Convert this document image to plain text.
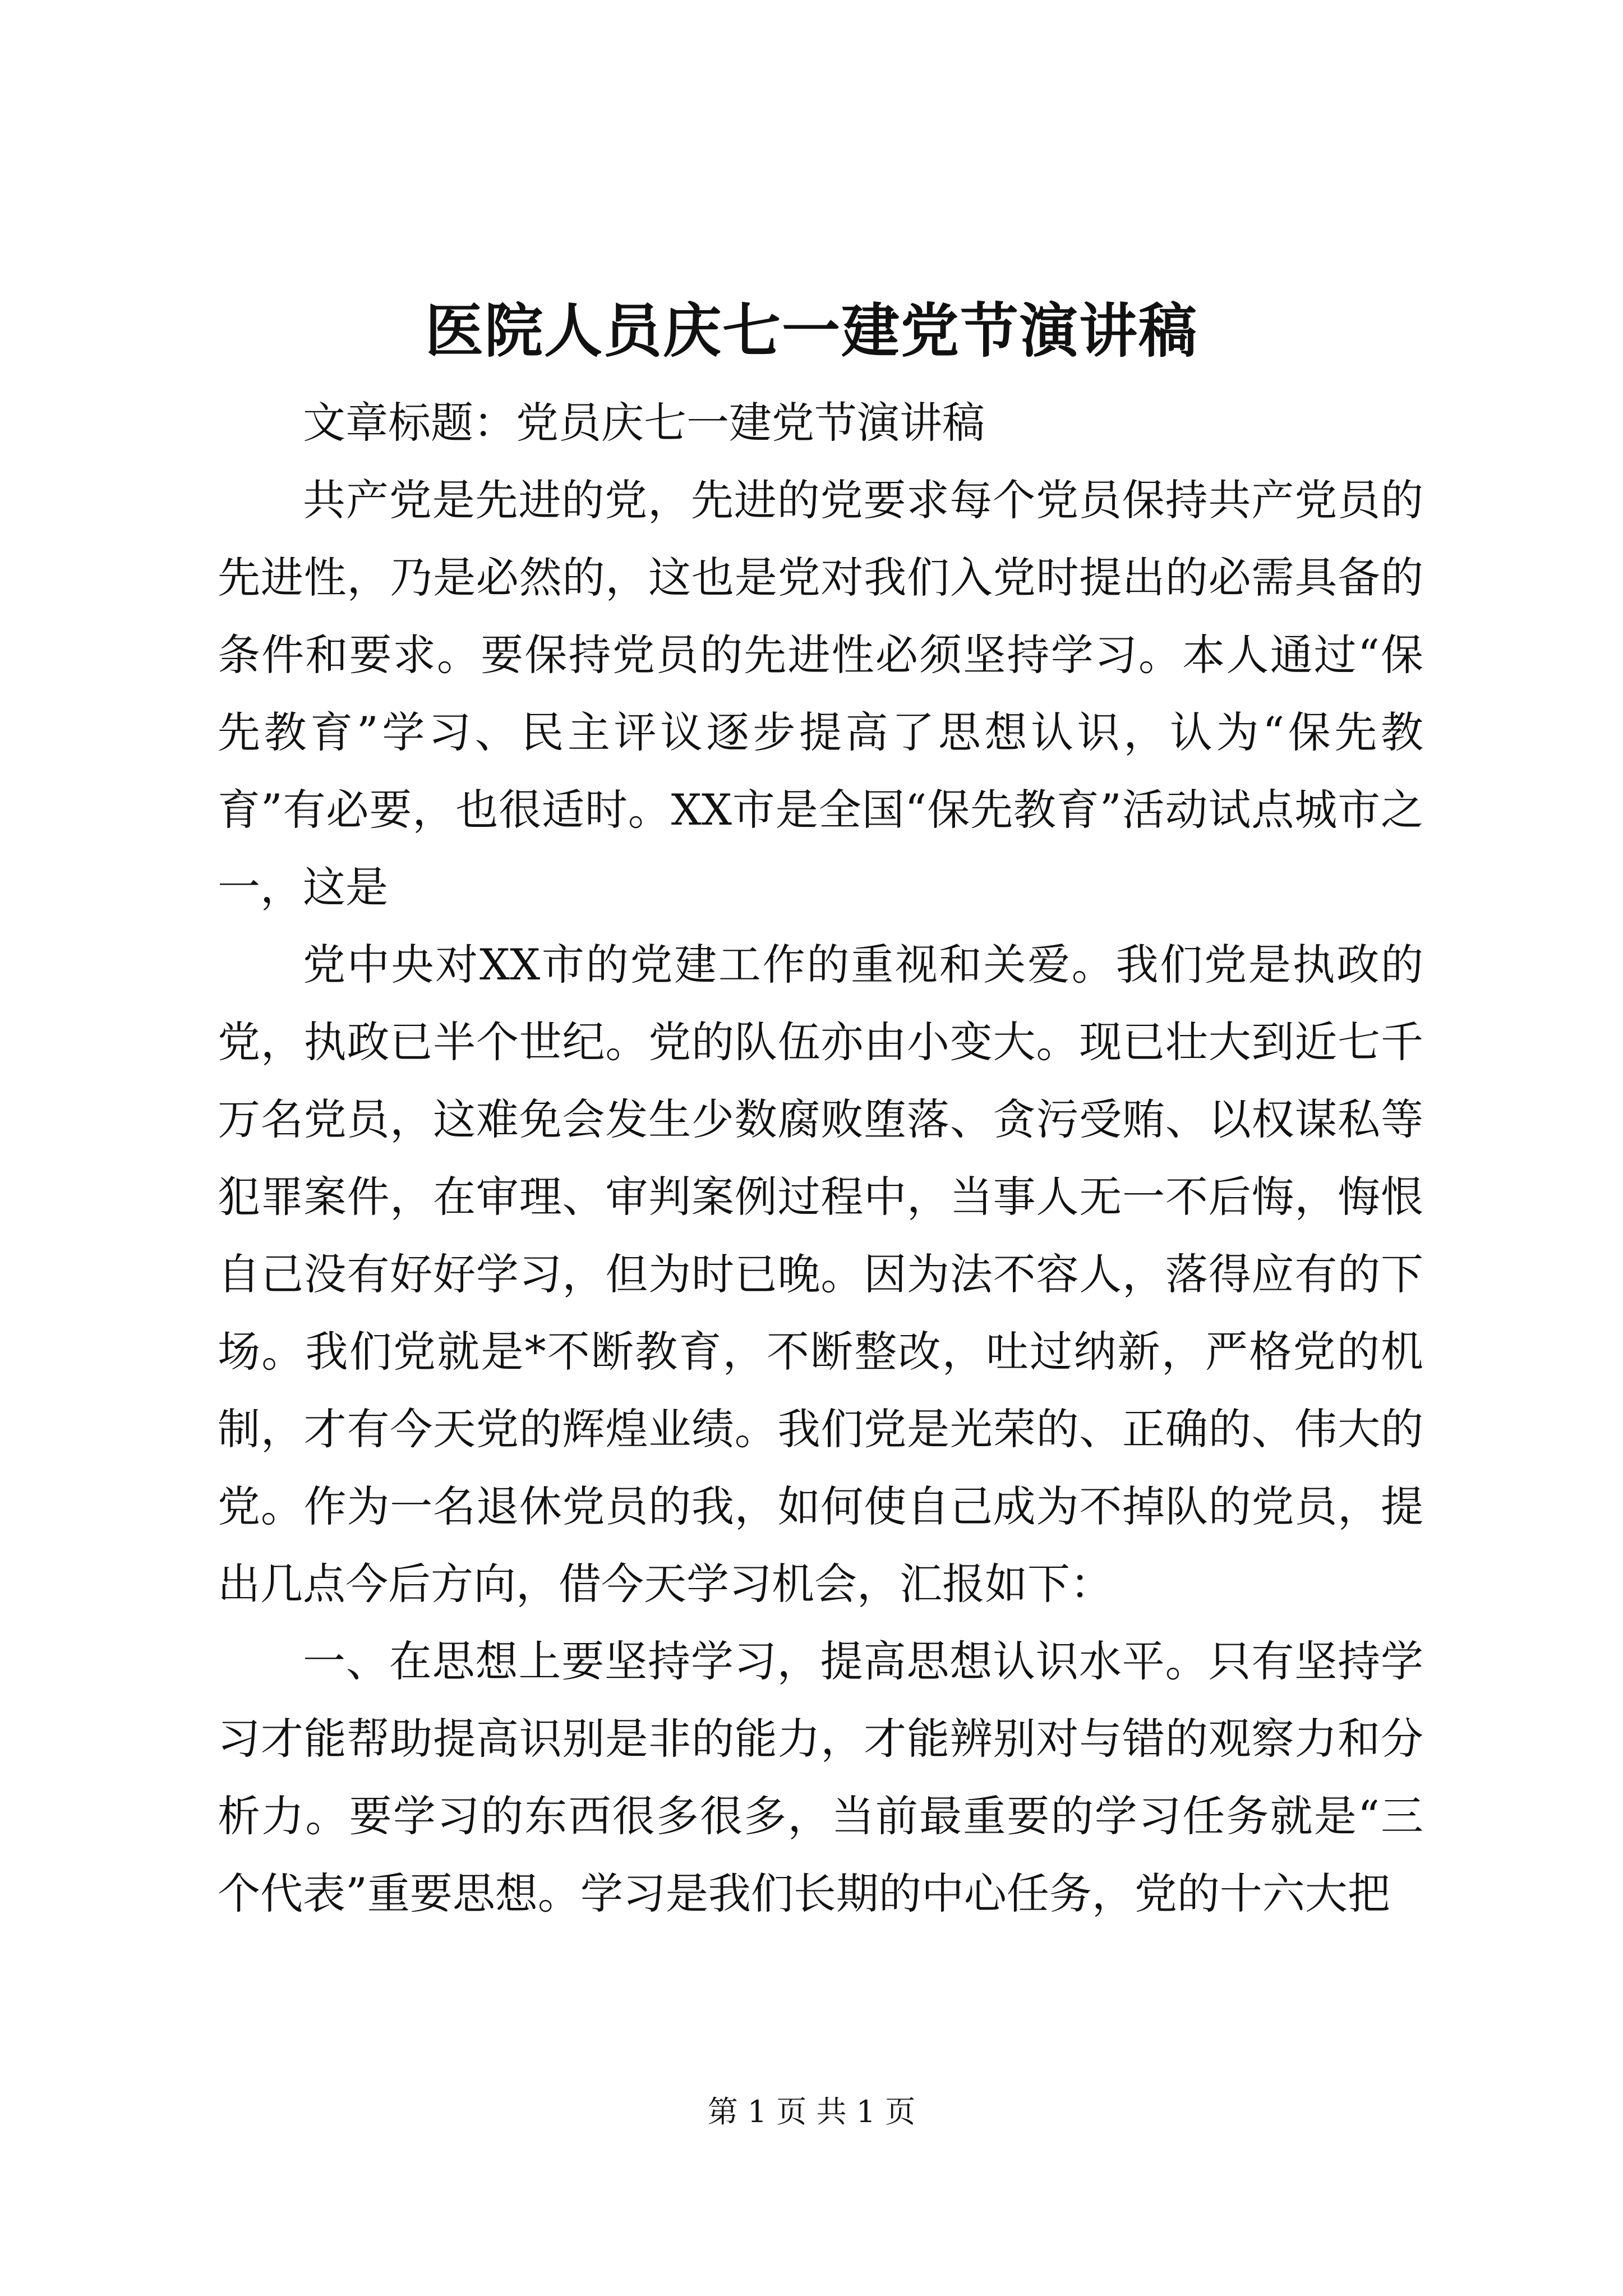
医院人员庆七一建党节演讲稿

文章标题：党员庆七一建党节演讲稿

共产党是先进的党，先进的党要求每个党员保持共产党员的先进性，乃是必然的，这也是党对我们入党时提出的必需具备的条件和要求。要保持党员的先进性必须坚持学习。本人通过“保先教育”学习、民主评议逐步提高了思想认识，认为“保先教育”有必要，也很适时。XX市是全国“保先教育”活动试点城市之一，这是

党中央对XX市的党建工作的重视和关爱。我们党是执政的党，执政已半个世纪。党的队伍亦由小变大。现已壮大到近七千万名党员，这难免会发生少数腐败堕落、贪污受贿、以权谋私等犯罪案件，在审理、审判案例过程中，当事人无一不后悔，悔恨自己没有好好学习，但为时已晚。因为法不容人，落得应有的下场。我们党就是*不断教育，不断整改，吐过纳新，严格党的机制，才有今天党的辉煌业绩。我们党是光荣的、正确的、伟大的党。作为一名退休党员的我，如何使自己成为不掉队的党员，提出几点今后方向，借今天学习机会，汇报如下：

一、在思想上要坚持学习，提高思想认识水平。只有坚持学习才能帮助提高识别是非的能力，才能辨别对与错的观察力和分析力。要学习的东西很多很多，当前最重要的学习任务就是“三个代表”重要思想。学习是我们长期的中心任务，党的十六大把

第 1 页 共 1 页
